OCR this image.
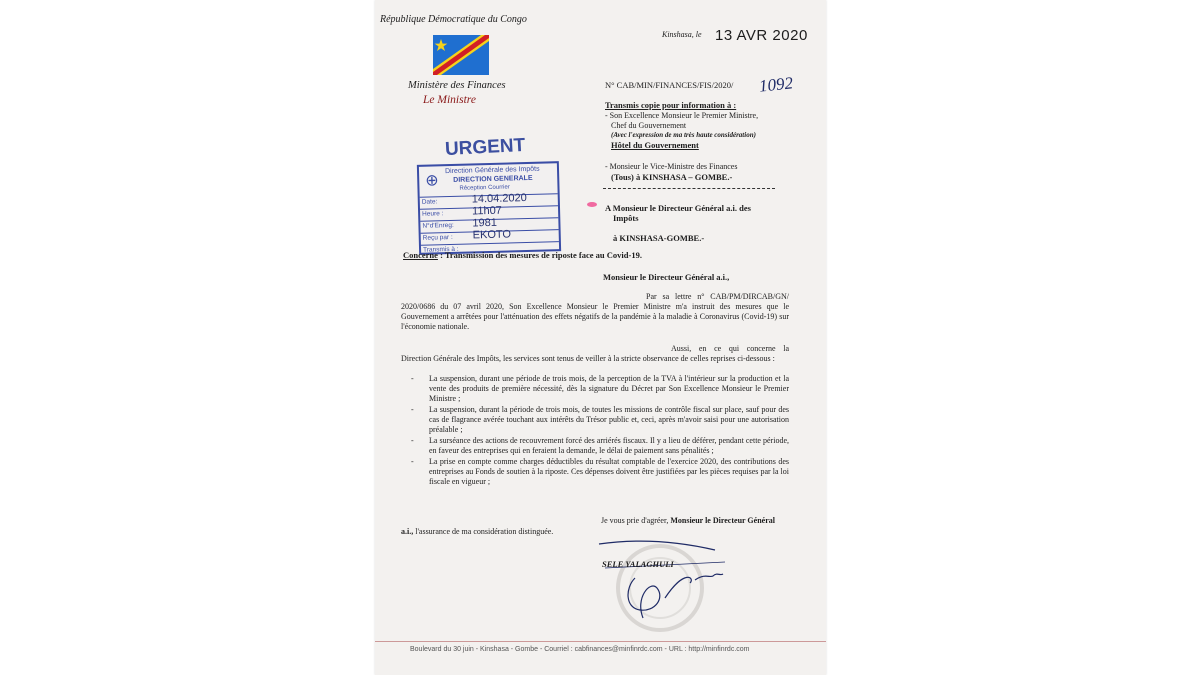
République Démocratique du Congo
Ministère des Finances
Le Ministre
Kinshasa, le 13 AVR 2020
N° CAB/MIN/FINANCES/FIS/2020/ 1092
Transmis copie pour information à :
- Son Excellence Monsieur le Premier Ministre,
Chef du Gouvernement
(Avec l'expression de ma très haute considération)
Hôtel du Gouvernement
- Monsieur le Vice-Ministre des Finances
(Tous) à KINSHASA – GOMBE.-
A Monsieur le Directeur Général a.i. des
Impôts
à KINSHASA-GOMBE.-
URGENT
⊕
Direction Générale des Impôts
DIRECTION GENERALE
Réception Courrier
Date:	14.04.2020
Heure :	11h07
N°d'Enreg: 1981
Reçu par : EKOTO
Transmis à :
Concerne : Transmission des mesures de riposte face au Covid-19.
Monsieur le Directeur Général a.i.,
Par sa lettre n° CAB/PM/DIRCAB/GN/ 2020/0686 du 07 avril 2020, Son Excellence Monsieur le Premier Ministre m'a instruit des mesures que le Gouvernement a arrêtées pour l'atténuation des effets négatifs de la pandémie à la maladie à Coronavirus (Covid-19) sur l'économie nationale.
Aussi, en ce qui concerne la Direction Générale des Impôts, les services sont tenus de veiller à la stricte observance de celles reprises ci-dessous :
- La suspension, durant une période de trois mois, de la perception de la TVA à l'intérieur sur la production et la vente des produits de première nécessité, dès la signature du Décret par Son Excellence Monsieur le Premier Ministre ;
- La suspension, durant la période de trois mois, de toutes les missions de contrôle fiscal sur place, sauf pour des cas de flagrance avérée touchant aux intérêts du Trésor public et, ceci, après m'avoir saisi pour une autorisation préalable ;
- La surséance des actions de recouvrement forcé des arriérés fiscaux. Il y a lieu de déférer, pendant cette période, en faveur des entreprises qui en feraient la demande, le délai de paiement sans pénalités ;
- La prise en compte comme charges déductibles du résultat comptable de l'exercice 2020, des contributions des entreprises au Fonds de soutien à la riposte. Ces dépenses doivent être justifiées par les pièces requises par la loi fiscale en vigueur ;
Je vous prie d'agréer, Monsieur le Directeur Général a.i., l'assurance de ma considération distinguée.
SELE YALAGHULI
Boulevard du 30 juin - Kinshasa - Gombe - Courriel : cabfinances@minfinrdc.com - URL : http://minfinrdc.com
